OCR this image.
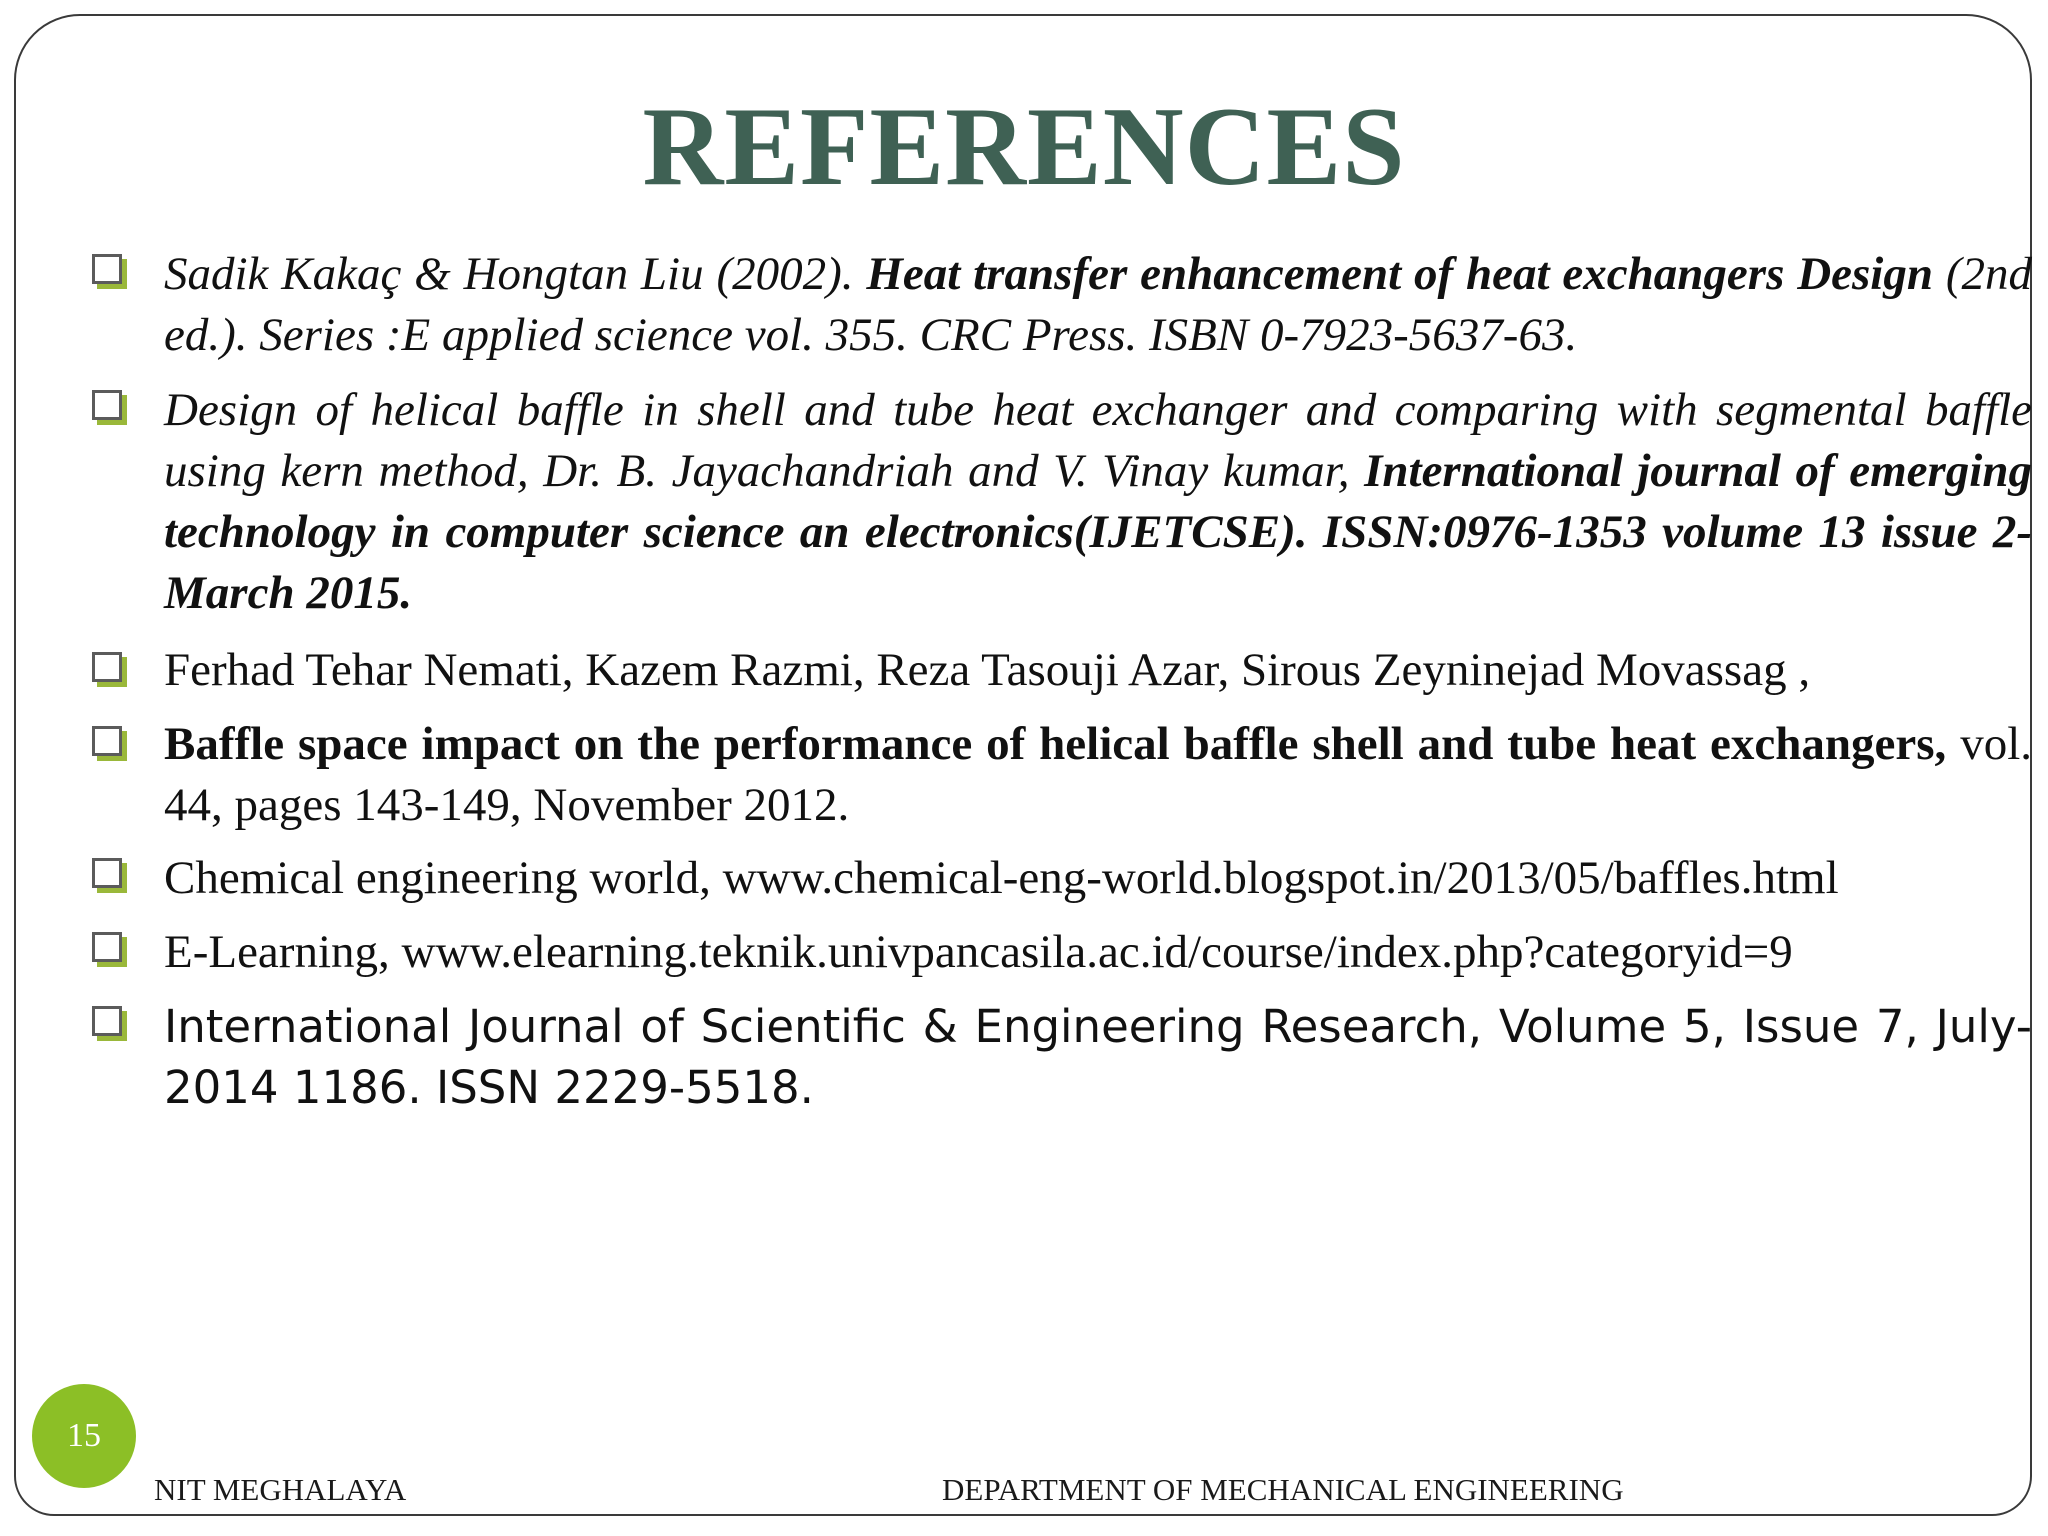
REFERENCES
Sadik Kakaç & Hongtan Liu (2002). Heat transfer enhancement of heat exchangers Design (2nd ed.). Series :E applied science vol. 355. CRC Press. ISBN 0-7923-5637-63.
Design of helical baffle in shell and tube heat exchanger and comparing with segmental baffle using kern method, Dr. B. Jayachandriah and V. Vinay kumar, International journal of emerging technology in computer science an electronics(IJETCSE). ISSN:0976-1353 volume 13 issue 2- March 2015.
Ferhad Tehar Nemati, Kazem Razmi, Reza Tasouji Azar, Sirous Zeyninejad Movassag ,
Baffle space impact on the performance of helical baffle shell and tube heat exchangers, vol. 44, pages 143-149, November 2012.
Chemical engineering world, www.chemical-eng-world.blogspot.in/2013/05/baffles.html
E-Learning, www.elearning.teknik.univpancasila.ac.id/course/index.php?categoryid=9
International Journal of Scientific & Engineering Research, Volume 5, Issue 7, July-2014 1186. ISSN 2229-5518.
15
NIT MEGHALAYA	DEPARTMENT OF MECHANICAL ENGINEERING
